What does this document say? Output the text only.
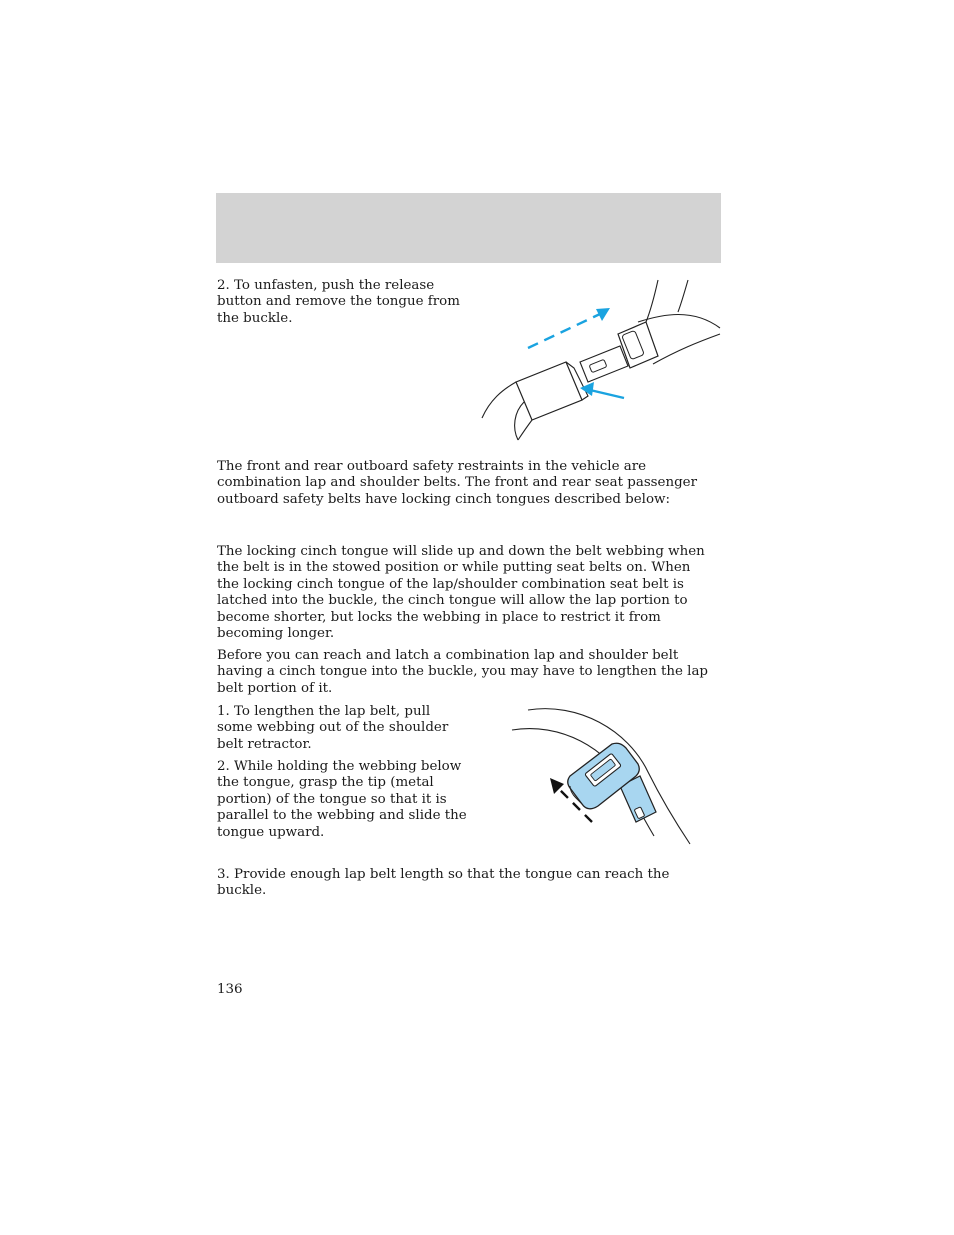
2. To unfasten, push the release
button and remove the tongue from
the buckle.

The front and rear outboard safety restraints in the vehicle are
combination lap and shoulder belts. The front and rear seat passenger
outboard safety belts have locking cinch tongues described below:

The locking cinch tongue will slide up and down the belt webbing when
the belt is in the stowed position or while putting seat belts on. When
the locking cinch tongue of the lap/shoulder combination seat belt is
latched into the buckle, the cinch tongue will allow the lap portion to
become shorter, but locks the webbing in place to restrict it from
becoming longer.

Before you can reach and latch a combination lap and shoulder belt
having a cinch tongue into the buckle, you may have to lengthen the lap
belt portion of it.

1. To lengthen the lap belt, pull
some webbing out of the shoulder
belt retractor.

2. While holding the webbing below
the tongue, grasp the tip (metal
portion) of the tongue so that it is
parallel to the webbing and slide the
tongue upward.

3. Provide enough lap belt length so that the tongue can reach the
buckle.

136
